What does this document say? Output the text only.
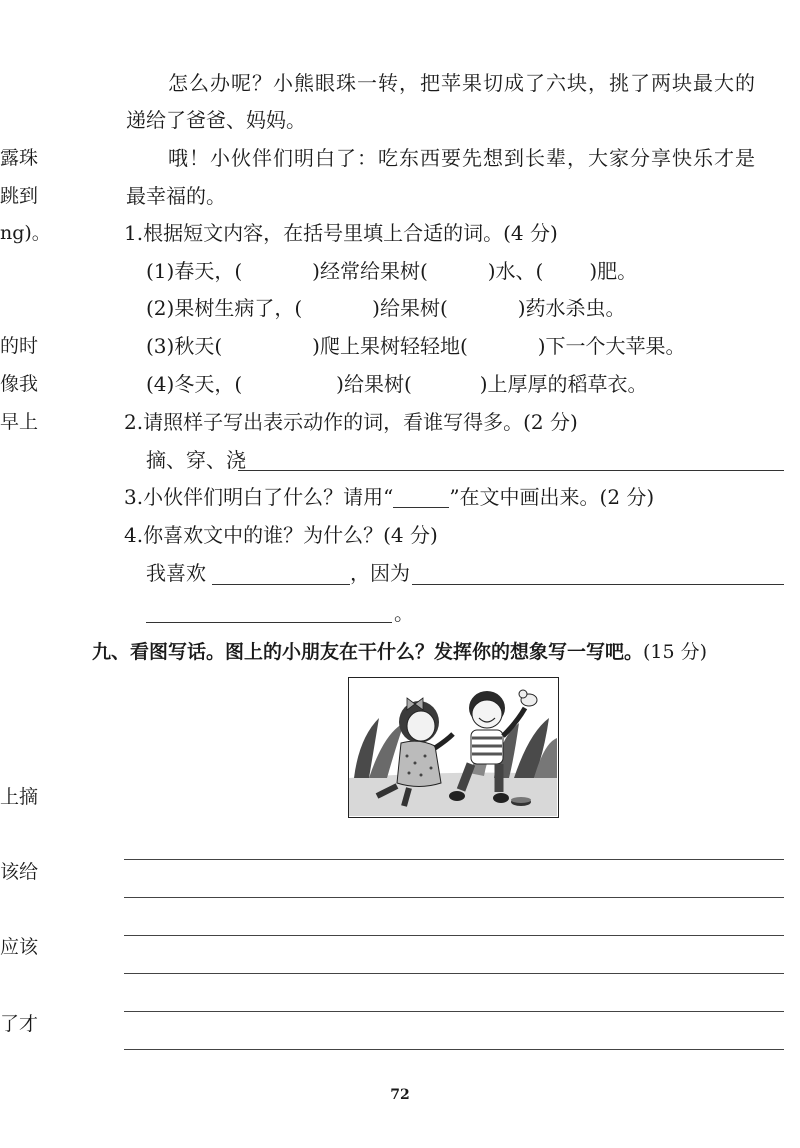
露珠
跳到
ng)。
的时
像我
早上
上摘
该给
应该
了才
怎么办呢？小熊眼珠一转，把苹果切成了六块，挑了两块最大的
递给了爸爸、妈妈。
哦！小伙伴们明白了：吃东西要先想到长辈，大家分享快乐才是
最幸福的。
1.根据短文内容，在括号里填上合适的词。(4 分)
(1)春天，(	)经常给果树(	)水、( )肥。
(2)果树生病了，(	)给果树(	)药水杀虫。
(3)秋天(	)爬上果树轻轻地(	)下一个大苹果。
(4)冬天，(	)给果树(	)上厚厚的稻草衣。
2.请照样子写出表示动作的词，看谁写得多。(2 分)
摘、穿、浇
3.小伙伴们明白了什么？请用“	”在文中画出来。(2 分)
4.你喜欢文中的谁？为什么？(4 分)
我喜欢	，因为
。
九、看图写话。图上的小朋友在干什么？发挥你的想象写一写吧。(15 分)
72
